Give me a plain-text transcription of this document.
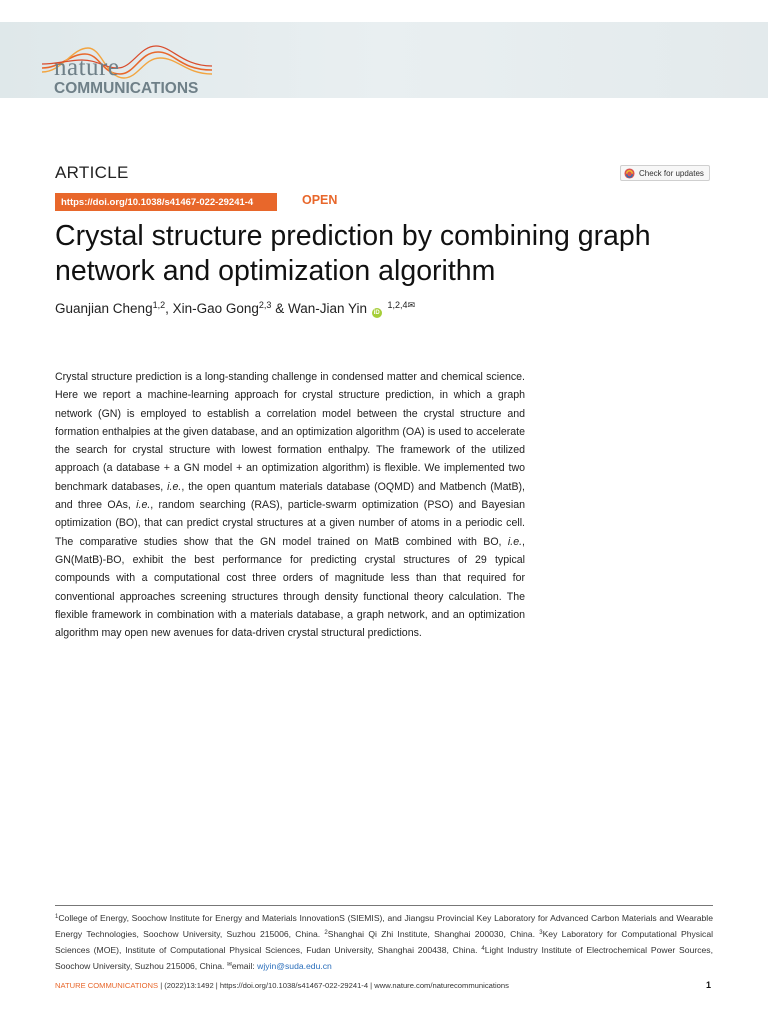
nature
COMMUNICATIONS
ARTICLE	Check for updates
https://doi.org/10.1038/s41467-022-29241-4	OPEN
Crystal structure prediction by combining graph network and optimization algorithm
Guanjian Cheng$^{1,2}$, Xin-Gao Gong$^{2,3}$ & Wan-Jian Yin iD $^{1,2,4✉}$

Crystal structure prediction is a long-standing challenge in condensed matter and chemical science. Here we report a machine-learning approach for crystal structure prediction, in which a graph network (GN) is employed to establish a correlation model between the crystal structure and formation enthalpies at the given database, and an optimization algorithm (OA) is used to accelerate the search for crystal structure with lowest formation enthalpy. The framework of the utilized approach (a database + a GN model + an optimization algorithm) is flexible. We implemented two benchmark databases, i.e., the open quantum materials database (OQMD) and Matbench (MatB), and three OAs, i.e., random searching (RAS), particle-swarm optimization (PSO) and Bayesian optimization (BO), that can predict crystal structures at a given number of atoms in a periodic cell. The comparative studies show that the GN model trained on MatB combined with BO, i.e., GN(MatB)-BO, exhibit the best performance for predicting crystal structures of 29 typical compounds with a computational cost three orders of magnitude less than that required for conventional approaches screening structures through density functional theory calculation. The flexible framework in combination with a materials database, a graph network, and an optimization algorithm may open new avenues for data-driven crystal structural predictions.

$^1$College of Energy, Soochow Institute for Energy and Materials InnovationS (SIEMIS), and Jiangsu Provincial Key Laboratory for Advanced Carbon Materials and Wearable Energy Technologies, Soochow University, Suzhou 215006, China. $^2$Shanghai Qi Zhi Institute, Shanghai 200030, China. $^3$Key Laboratory for Computational Physical Sciences (MOE), Institute of Computational Physical Sciences, Fudan University, Shanghai 200438, China. $^4$Light Industry Institute of Electrochemical Power Sources, Soochow University, Suzhou 215006, China. ✉email: wjyin@suda.edu.cn

NATURE COMMUNICATIONS | (2022)13:1492 | https://doi.org/10.1038/s41467-022-29241-4 | www.nature.com/naturecommunications	1
